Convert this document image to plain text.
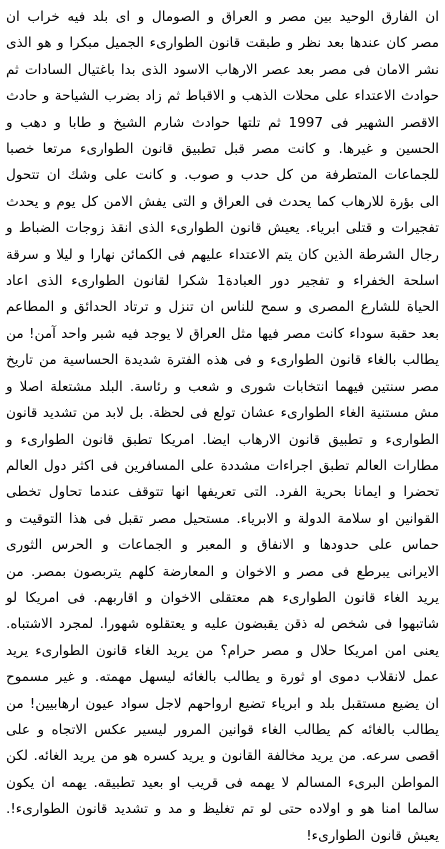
ان الفارق الوحيد بين مصر و العراق و الصومال و اى بلد فيه خراب ان مصر كان عندها بعد نظر و طبقت قانون الطوارىء الجميل مبكرا و هو الذى نشر الامان فى مصر بعد عصر الارهاب الاسود الذى بدا باغتيال السادات ثم حوادث الاعتداء على محلات الذهب و الاقباط ثم زاد بضرب الشياحة و حادث الاقصر الشهير فى 1997 ثم تلتها حوادث شارم الشيخ و طابا و دهب و الحسين و غيرها. و كانت مصر قبل تطبيق قانون الطوارىء مرتعا خصبا للجماعات المتطرفة من كل حدب و صوب. و كانت على وشك ان تتحول الى بؤرة للارهاب كما يحدث فى العراق و التى يفش الامن كل يوم و يحدث تفجيرات و قتلى ابرياء. يعيش قانون الطوارىء الذى انقذ زوجات الضباط و رجال الشرطة الذين كان يتم الاعتداء عليهم فى الكمائن نهارا و ليلا و سرقة اسلحة الخفراء و تفجير دور العبادة1 شكرا لقانون الطوارىء الذى اعاد الحياة للشارع المصرى و سمح للناس ان تنزل و ترتاد الحدائق و المطاعم بعد حقبة سوداء كانت مصر فيها مثل العراق لا يوجد فيه شبر واحد آمن! من يطالب بالغاء قانون الطوارىء و فى هذه الفترة شديدة الحساسية من تاريخ مصر سنتين فيهما انتخابات شورى و شعب و رئاسة. البلد مشتعلة اصلا و مش مستنية الغاء الطوارىء عشان تولع فى لحظة. بل لابد من تشديد قانون الطوارىء و تطبيق قانون الارهاب ايضا. امريكا تطبق قانون الطوارىء و مطارات العالم تطبق اجراءات مشددة على المسافرين فى اكثر دول العالم تحضرا و ايمانا بحرية الفرد. التى تعريفها انها تتوقف عندما تحاول تخطى القوانين او سلامة الدولة و الابرياء. مستحيل مصر تقبل فى هذا التوقيت و حماس على حدودها و الانفاق و المعبر و الجماعات و الحرس الثورى الايرانى يبرطع فى مصر و الاخوان و المعارضة كلهم يتربصون بمصر. من يريد الغاء قانون الطوارىء هم معتقلى الاخوان و اقاربهم. فى امريكا لو شاتبهوا فى شخص له ذقن يقبضون عليه و يعتقلوه شهورا. لمجرد الاشتباه. يعنى امن امريكا حلال و مصر حرام؟ من يريد الغاء قانون الطوارىء يريد عمل لانقلاب دموى او ثورة و يطالب بالغائه ليسهل مهمته. و غير مسموح ان يضيع مستقبل بلد و ابرياء تضيع ارواحهم لاجل سواد عيون ارهابيين! من يطالب بالغائه كم يطالب الغاء قوانين المرور ليسير عكس الاتجاه و على اقصى سرعه. من يريد مخالفة القانون و يريد كسره هو من يريد الغائه. لكن المواطن البرىء المسالم لا يهمه فى قريب او بعيد تطبيقه. يهمه ان يكون سالما امنا هو و اولاده حتى لو تم تغليظ و مد و تشديد قانون الطوارىء!. يعيش قانون الطوارىء!
